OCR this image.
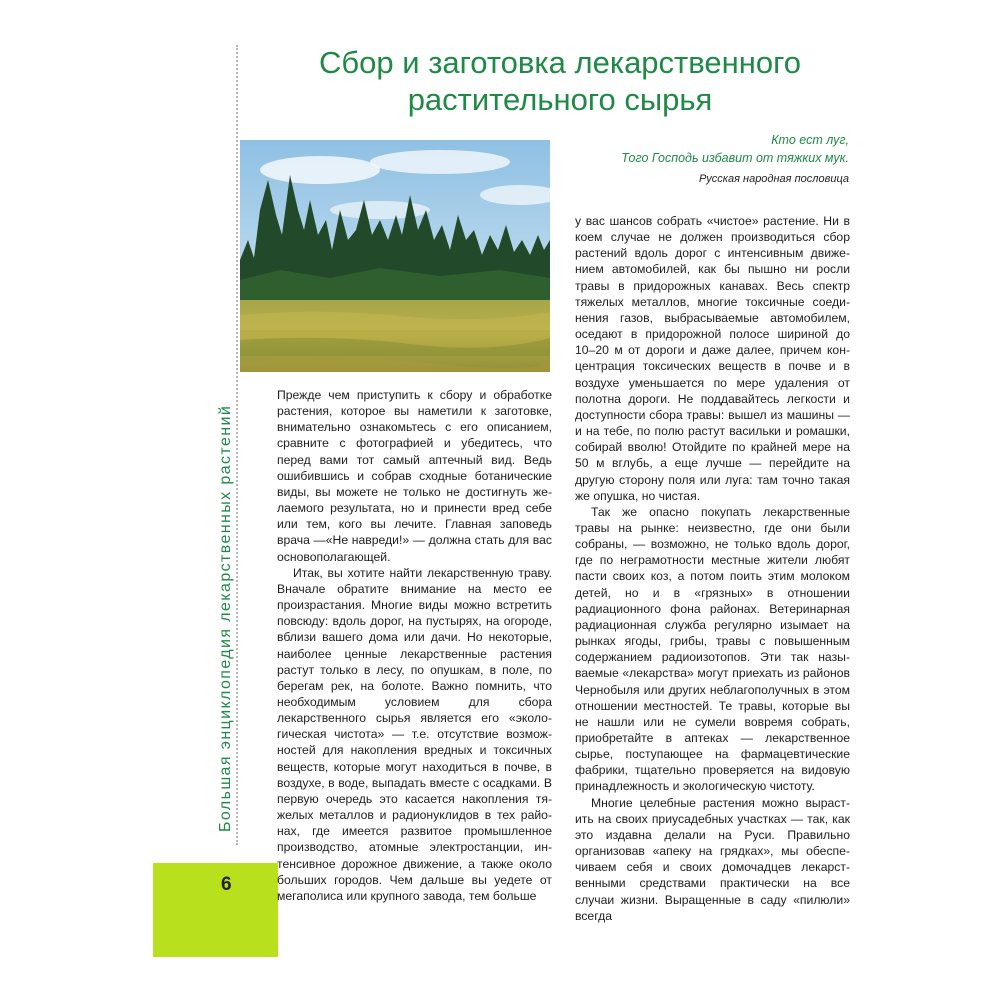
Большая энциклопедия лекарственных растений
6
Сбор и заготовка лекарственного растительного сырья
Кто ест луг,
Того Господь избавит от тяжких мук.
Русская народная пословица

Прежде чем приступить к сбору и обработке растения, которое вы наметили к заготовке, внимательно ознакомьтесь с его описанием, сравните с фотографией и убедитесь, что перед вами тот самый аптечный вид. Ведь ошибившись и собрав сходные ботанические виды, вы можете не только не достигнуть желаемого результата, но и принести вред себе или тем, кого вы лечите. Главная заповедь врача —«Не навреди!» — должна стать для вас основополагающей.

Итак, вы хотите найти лекарственную траву. Вначале обратите внимание на место ее произрастания. Многие виды можно встретить повсюду: вдоль дорог, на пустырях, на огороде, вблизи вашего дома или дачи. Но некоторые, наиболее ценные лекарственные растения растут только в лесу, по опушкам, в поле, по берегам рек, на болоте. Важно помнить, что необходимым условием для сбора лекарственного сырья является его «экологическая чистота» — т.е. отсутствие возможностей для накопления вредных и токсичных веществ, которые могут находиться в почве, в воздухе, в воде, выпадать вместе с осадками. В первую очередь это касается накопления тяжелых металлов и радионуклидов в тех районах, где имеется развитое промышленное производство, атомные электростанции, интенсивное дорожное движение, а также около больших городов. Чем дальше вы уедете от мегаполиса или крупного завода, тем больше

у вас шансов собрать «чистое» растение. Ни в коем случае не должен производиться сбор растений вдоль дорог с интенсивным движением автомобилей, как бы пышно ни росли травы в придорожных канавах. Весь спектр тяжелых металлов, многие токсичные соединения газов, выбрасываемые автомобилем, оседают в придорожной полосе шириной до 10–20 м от дороги и даже далее, причем концентрация токсических веществ в почве и в воздухе уменьшается по мере удаления от полотна дороги. Не поддавайтесь легкости и доступности сбора травы: вышел из машины — и на тебе, по полю растут васильки и ромашки, собирай вволю! Отойдите по крайней мере на 50 м вглубь, а еще лучше — перейдите на другую сторону поля или луга: там точно такая же опушка, но чистая.

Так же опасно покупать лекарственные травы на рынке: неизвестно, где они были собраны, — возможно, не только вдоль дорог, где по неграмотности местные жители любят пасти своих коз, а потом поить этим молоком детей, но и в «грязных» в отношении радиационного фона районах. Ветеринарная радиационная служба регулярно изымает на рынках ягоды, грибы, травы с повышенным содержанием радиоизотопов. Эти так называемые «лекарства» могут приехать из районов Чернобыля или других неблагополучных в этом отношении местностей. Те травы, которые вы не нашли или не сумели вовремя собрать, приобретайте в аптеках — лекарственное сырье, поступающее на фармацевтические фабрики, тщательно проверяется на видовую принадлежность и экологическую чистоту.

Многие целебные растения можно вырастить на своих приусадебных участках — так, как это издавна делали на Руси. Правильно организовав «апеку на грядках», мы обеспечиваем себя и своих домочадцев лекарственными средствами практически на все случаи жизни. Выращенные в саду «пилюли» всегда
